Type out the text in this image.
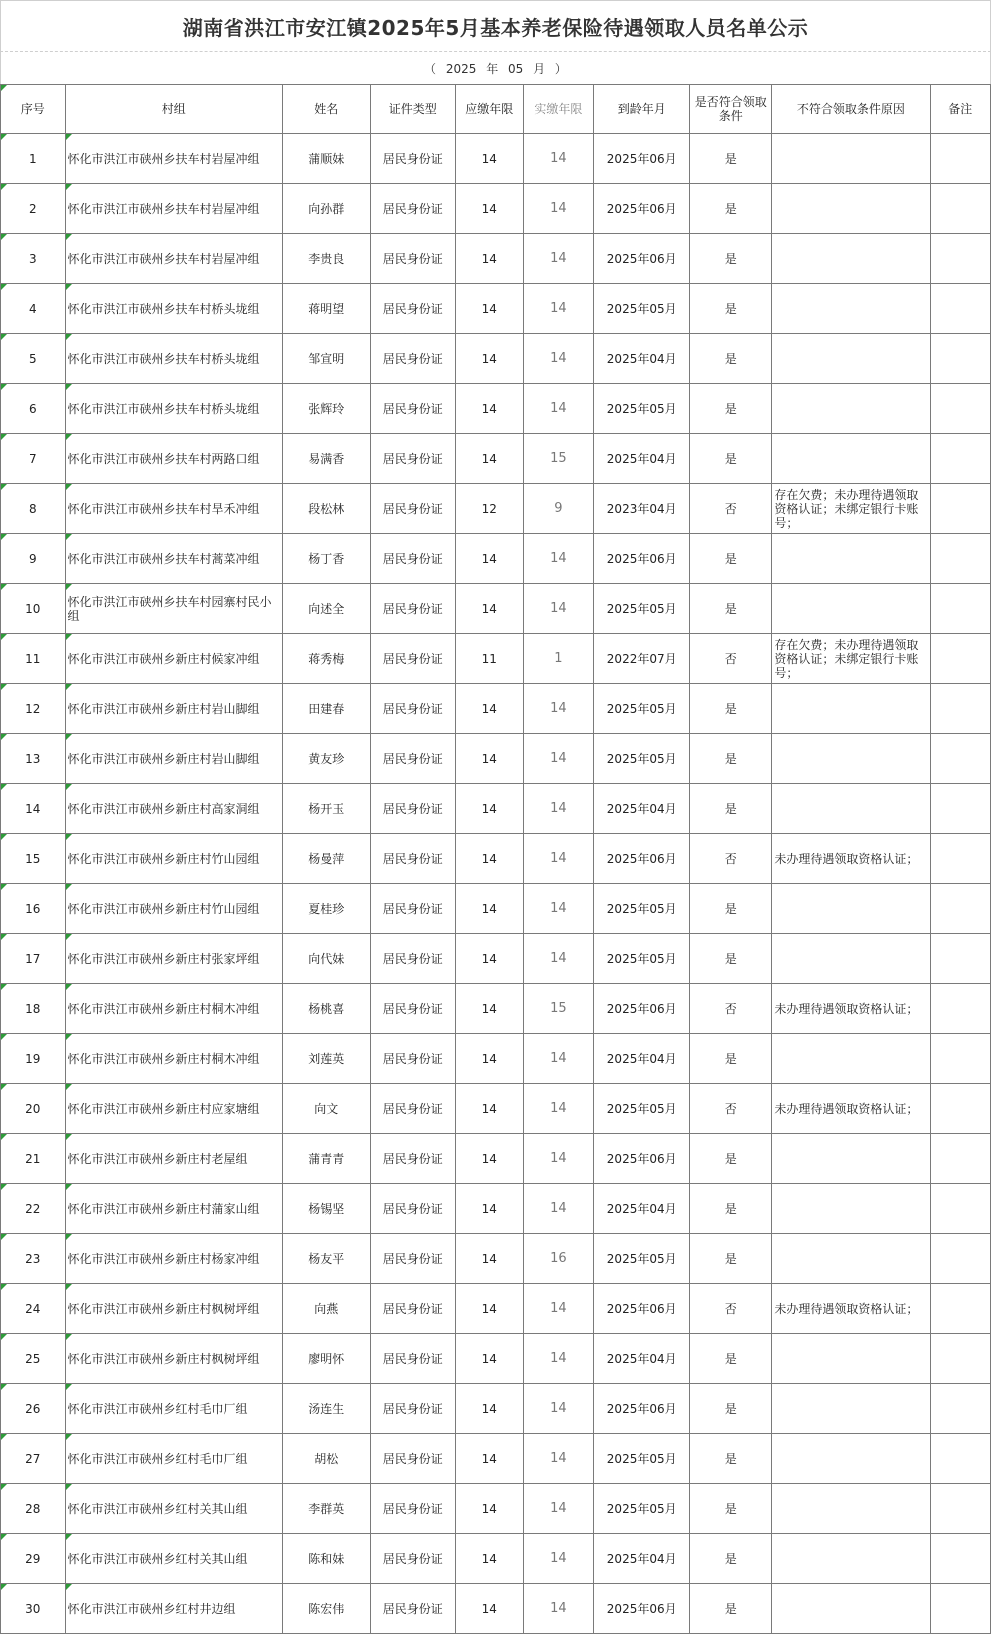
湖南省洪江市安江镇2025年5月基本养老保险待遇领取人员名单公示
（ 2025 年 05 月 ）
序号	村组	姓名	证件类型	应缴年限	实缴年限	到龄年月	是否符合领取条件	不符合领取条件原因	备注
1	怀化市洪江市硖州乡扶车村岩屋冲组	蒲顺妹	居民身份证	14	14	2025年06月	是		
2	怀化市洪江市硖州乡扶车村岩屋冲组	向孙群	居民身份证	14	14	2025年06月	是		
3	怀化市洪江市硖州乡扶车村岩屋冲组	李贵良	居民身份证	14	14	2025年06月	是		
4	怀化市洪江市硖州乡扶车村桥头垅组	蒋明望	居民身份证	14	14	2025年05月	是		
5	怀化市洪江市硖州乡扶车村桥头垅组	邹宣明	居民身份证	14	14	2025年04月	是		
6	怀化市洪江市硖州乡扶车村桥头垅组	张辉玲	居民身份证	14	14	2025年05月	是		
7	怀化市洪江市硖州乡扶车村两路口组	易满香	居民身份证	14	15	2025年04月	是		
8	怀化市洪江市硖州乡扶车村旱禾冲组	段松林	居民身份证	12	9	2023年04月	否	存在欠费；未办理待遇领取资格认证；未绑定银行卡账号；	
9	怀化市洪江市硖州乡扶车村蒿菜冲组	杨丁香	居民身份证	14	14	2025年06月	是		
10	怀化市洪江市硖州乡扶车村园寨村民小组	向述全	居民身份证	14	14	2025年05月	是		
11	怀化市洪江市硖州乡新庄村候家冲组	蒋秀梅	居民身份证	11	1	2022年07月	否	存在欠费；未办理待遇领取资格认证；未绑定银行卡账号；	
12	怀化市洪江市硖州乡新庄村岩山脚组	田建春	居民身份证	14	14	2025年05月	是		
13	怀化市洪江市硖州乡新庄村岩山脚组	黄友珍	居民身份证	14	14	2025年05月	是		
14	怀化市洪江市硖州乡新庄村高家洞组	杨开玉	居民身份证	14	14	2025年04月	是		
15	怀化市洪江市硖州乡新庄村竹山园组	杨曼萍	居民身份证	14	14	2025年06月	否	未办理待遇领取资格认证；	
16	怀化市洪江市硖州乡新庄村竹山园组	夏桂珍	居民身份证	14	14	2025年05月	是		
17	怀化市洪江市硖州乡新庄村张家坪组	向代妹	居民身份证	14	14	2025年05月	是		
18	怀化市洪江市硖州乡新庄村桐木冲组	杨桃喜	居民身份证	14	15	2025年06月	否	未办理待遇领取资格认证；	
19	怀化市洪江市硖州乡新庄村桐木冲组	刘莲英	居民身份证	14	14	2025年04月	是		
20	怀化市洪江市硖州乡新庄村应家塘组	向文	居民身份证	14	14	2025年05月	否	未办理待遇领取资格认证；	
21	怀化市洪江市硖州乡新庄村老屋组	蒲青青	居民身份证	14	14	2025年06月	是		
22	怀化市洪江市硖州乡新庄村蒲家山组	杨锡坚	居民身份证	14	14	2025年04月	是		
23	怀化市洪江市硖州乡新庄村杨家冲组	杨友平	居民身份证	14	16	2025年05月	是		
24	怀化市洪江市硖州乡新庄村枫树坪组	向燕	居民身份证	14	14	2025年06月	否	未办理待遇领取资格认证；	
25	怀化市洪江市硖州乡新庄村枫树坪组	廖明怀	居民身份证	14	14	2025年04月	是		
26	怀化市洪江市硖州乡红村毛巾厂组	汤连生	居民身份证	14	14	2025年06月	是		
27	怀化市洪江市硖州乡红村毛巾厂组	胡松	居民身份证	14	14	2025年05月	是		
28	怀化市洪江市硖州乡红村关其山组	李群英	居民身份证	14	14	2025年05月	是		
29	怀化市洪江市硖州乡红村关其山组	陈和妹	居民身份证	14	14	2025年04月	是		
30	怀化市洪江市硖州乡红村井边组	陈宏伟	居民身份证	14	14	2025年06月	是		
